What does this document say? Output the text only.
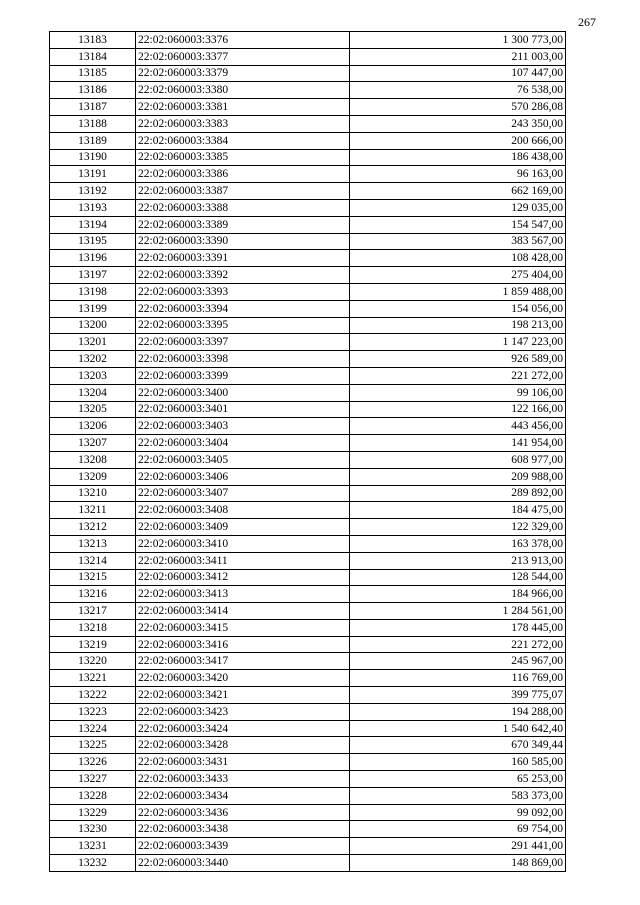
267
13183	22:02:060003:3376	1 300 773,00
13184	22:02:060003:3377	211 003,00
13185	22:02:060003:3379	107 447,00
13186	22:02:060003:3380	76 538,00
13187	22:02:060003:3381	570 286,08
13188	22:02:060003:3383	243 350,00
13189	22:02:060003:3384	200 666,00
13190	22:02:060003:3385	186 438,00
13191	22:02:060003:3386	96 163,00
13192	22:02:060003:3387	662 169,00
13193	22:02:060003:3388	129 035,00
13194	22:02:060003:3389	154 547,00
13195	22:02:060003:3390	383 567,00
13196	22:02:060003:3391	108 428,00
13197	22:02:060003:3392	275 404,00
13198	22:02:060003:3393	1 859 488,00
13199	22:02:060003:3394	154 056,00
13200	22:02:060003:3395	198 213,00
13201	22:02:060003:3397	1 147 223,00
13202	22:02:060003:3398	926 589,00
13203	22:02:060003:3399	221 272,00
13204	22:02:060003:3400	99 106,00
13205	22:02:060003:3401	122 166,00
13206	22:02:060003:3403	443 456,00
13207	22:02:060003:3404	141 954,00
13208	22:02:060003:3405	608 977,00
13209	22:02:060003:3406	209 988,00
13210	22:02:060003:3407	289 892,00
13211	22:02:060003:3408	184 475,00
13212	22:02:060003:3409	122 329,00
13213	22:02:060003:3410	163 378,00
13214	22:02:060003:3411	213 913,00
13215	22:02:060003:3412	128 544,00
13216	22:02:060003:3413	184 966,00
13217	22:02:060003:3414	1 284 561,00
13218	22:02:060003:3415	178 445,00
13219	22:02:060003:3416	221 272,00
13220	22:02:060003:3417	245 967,00
13221	22:02:060003:3420	116 769,00
13222	22:02:060003:3421	399 775,07
13223	22:02:060003:3423	194 288,00
13224	22:02:060003:3424	1 540 642,40
13225	22:02:060003:3428	670 349,44
13226	22:02:060003:3431	160 585,00
13227	22:02:060003:3433	65 253,00
13228	22:02:060003:3434	583 373,00
13229	22:02:060003:3436	99 092,00
13230	22:02:060003:3438	69 754,00
13231	22:02:060003:3439	291 441,00
13232	22:02:060003:3440	148 869,00
